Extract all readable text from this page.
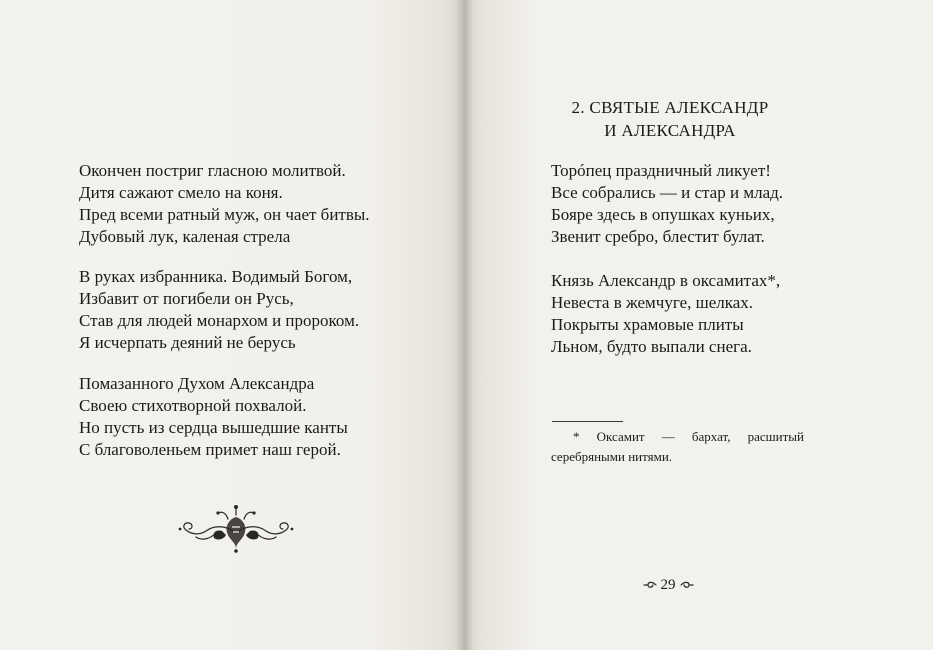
Окончен постриг гласною молитвой.
Дитя сажают смело на коня.
Пред всеми ратный муж, он чает битвы.
Дубовый лук, каленая стрела
В руках избранника. Водимый Богом,
Избавит от погибели он Русь,
Став для людей монархом и пророком.
Я исчерпать деяний не берусь
Помазанного Духом Александра
Своею стихотворной похвалой.
Но пусть из сердца вышедшие канты
С благоволеньем примет наш герой.
2. СВЯТЫЕ АЛЕКСАНДР
И АЛЕКСАНДРА
Торóпец праздничный ликует!
Все собрались — и стар и млад.
Бояре здесь в опушках куньих,
Звенит сребро, блестит булат.
Князь Александр в оксамитах*,
Невеста в жемчуге, шелках.
Покрыты храмовые плиты
Льном, будто выпали снега.

* Оксамит — бархат, расшитый серебряными нитями.

29
